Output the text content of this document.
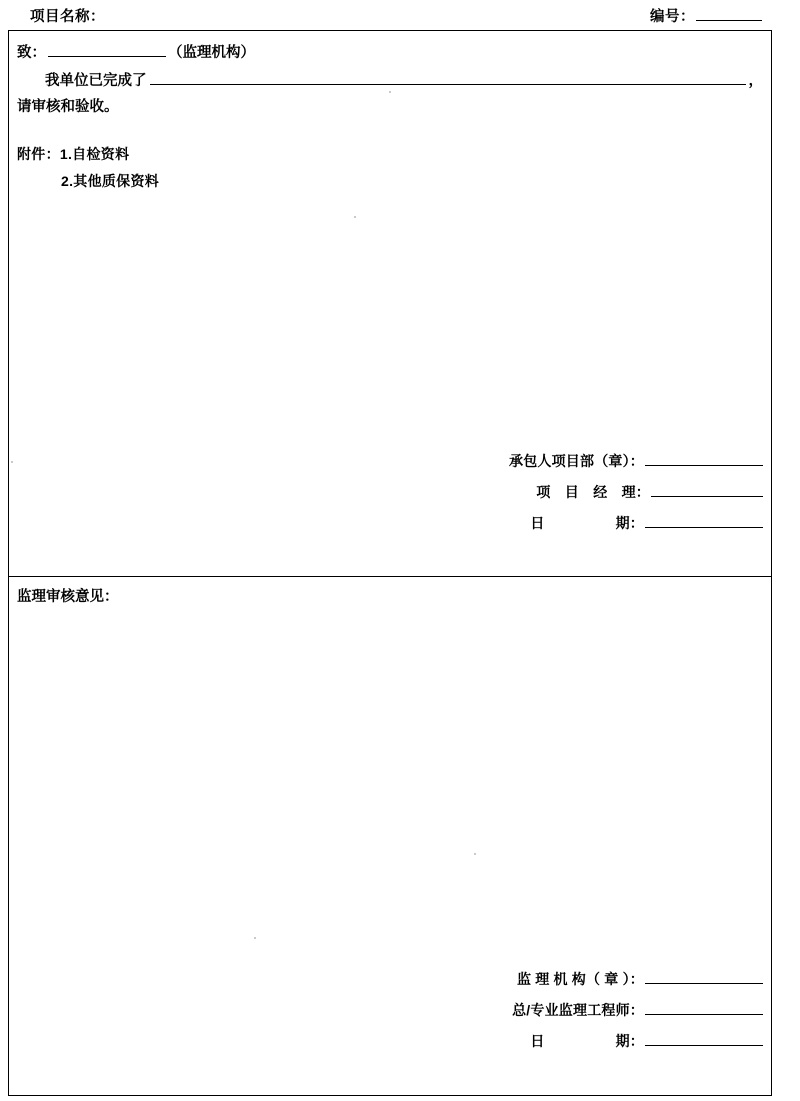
项目名称：	编号：
致：	（监理机构）
我单位已完成了	，
请审核和验收。
附件：1.自检资料
2.其他质保资料
承包人项目部（章）：
项　目　经　理：
日　　　　　期：
监理审核意见：
监 理 机 构（ 章 ）：
总/专业监理工程师：
日　　　　　期：
